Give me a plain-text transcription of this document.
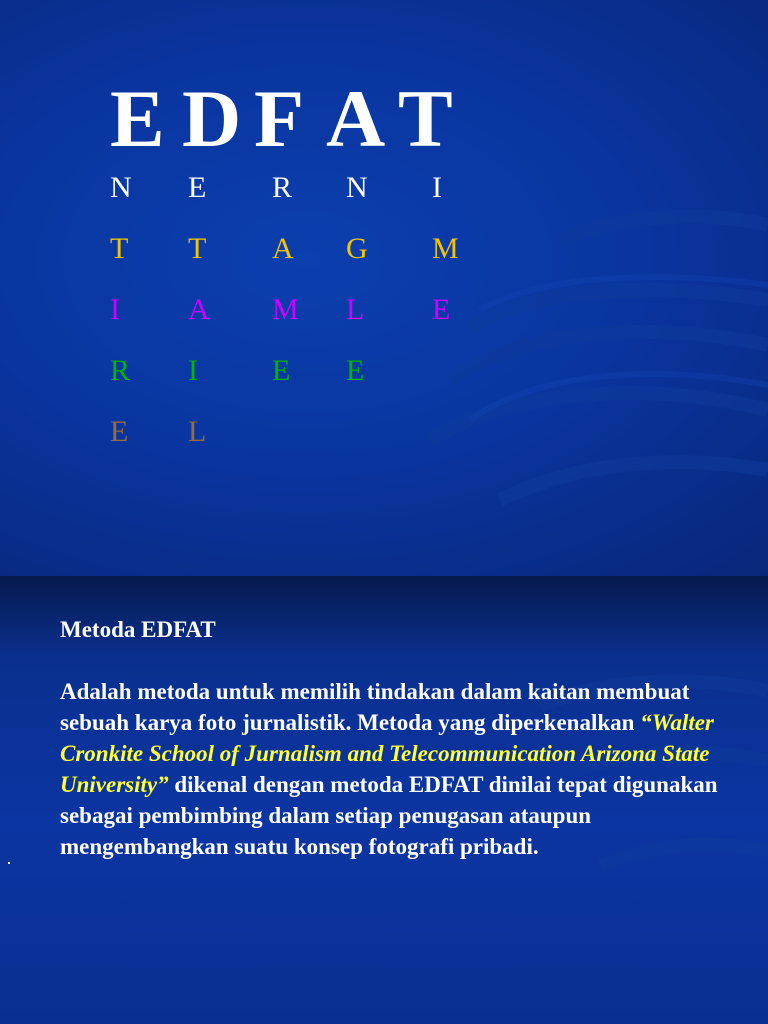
E D F A T
N E R N I
T T A G M
I A M L E
R I E E
E L

Metoda EDFAT

Adalah metoda untuk memilih tindakan dalam kaitan membuat sebuah karya foto jurnalistik. Metoda yang diperkenalkan “Walter Cronkite School of Jurnalism and Telecommunication Arizona State University” dikenal dengan metoda EDFAT dinilai tepat digunakan sebagai pembimbing dalam setiap penugasan ataupun mengembangkan suatu konsep fotografi pribadi.
